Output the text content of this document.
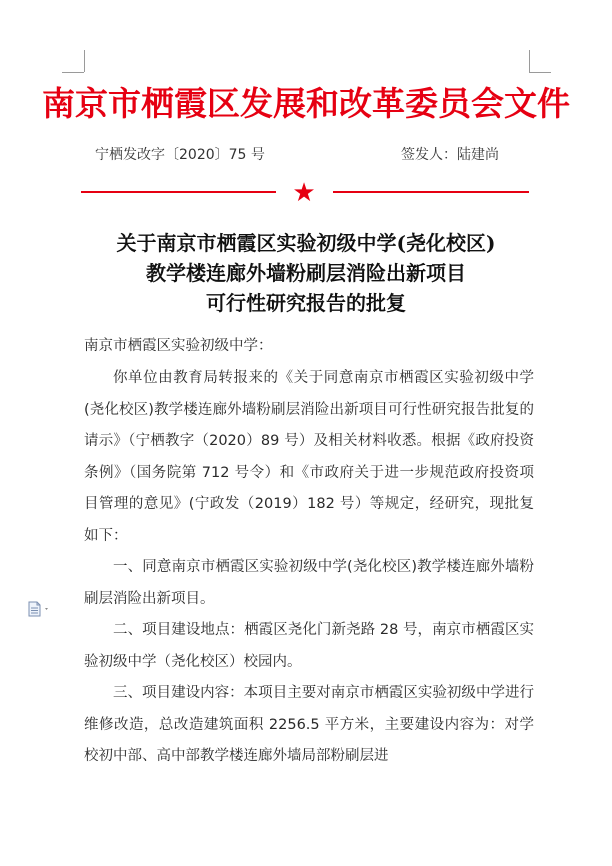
南京市栖霞区发展和改革委员会文件
宁栖发改字〔2020〕75 号	签发人：陆建尚
★
关于南京市栖霞区实验初级中学(尧化校区)
教学楼连廊外墙粉刷层消险出新项目
可行性研究报告的批复

南京市栖霞区实验初级中学：

你单位由教育局转报来的《关于同意南京市栖霞区实验初级中学(尧化校区)教学楼连廊外墙粉刷层消险出新项目可行性研究报告批复的请示》（宁栖教字（2020）89 号）及相关材料收悉。根据《政府投资条例》（国务院第 712 号令）和《市政府关于进一步规范政府投资项目管理的意见》(宁政发（2019）182 号）等规定，经研究，现批复如下：

一、同意南京市栖霞区实验初级中学(尧化校区)教学楼连廊外墙粉刷层消险出新项目。

二、项目建设地点：栖霞区尧化门新尧路 28 号，南京市栖霞区实验初级中学（尧化校区）校园内。

三、项目建设内容：本项目主要对南京市栖霞区实验初级中学进行维修改造，总改造建筑面积 2256.5 平方米，主要建设内容为：对学校初中部、高中部教学楼连廊外墙局部粉刷层进
